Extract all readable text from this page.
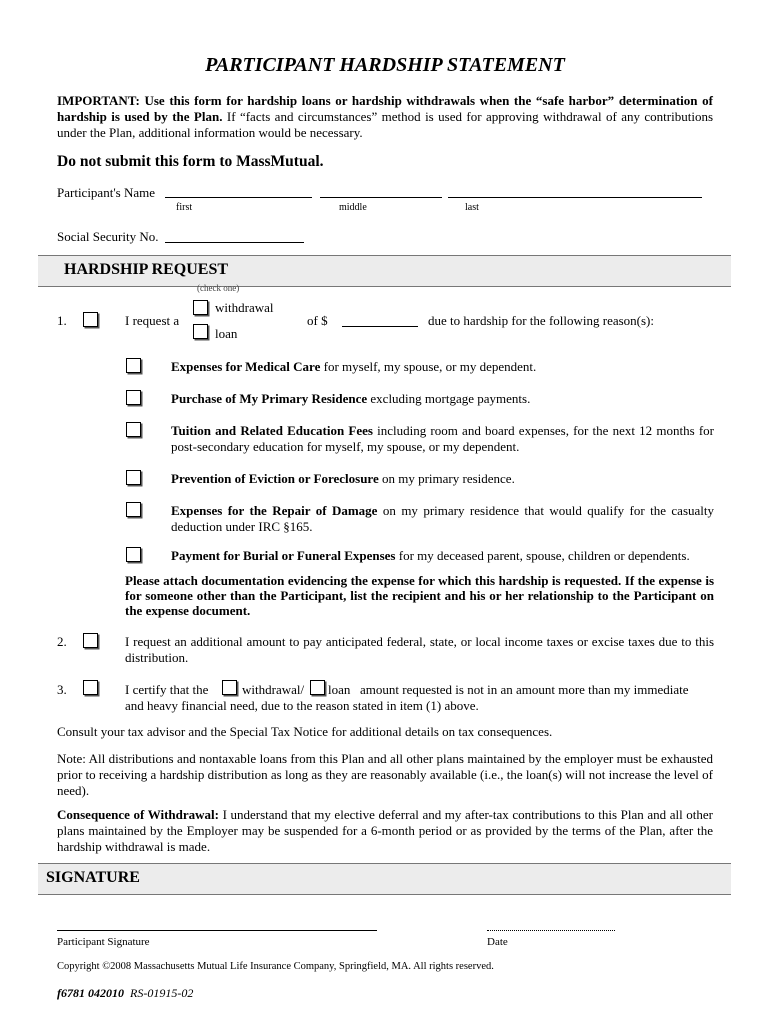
PARTICIPANT HARDSHIP STATEMENT
IMPORTANT: Use this form for hardship loans or hardship withdrawals when the “safe harbor” determination of hardship is used by the Plan. If “facts and circumstances” method is used for approving withdrawal of any contributions under the Plan, additional information would be necessary.
Do not submit this form to MassMutual.
Participant's Name
first	middle	last
Social Security No.
HARDSHIP REQUEST
(check one)
1.	I request a
withdrawal
loan
of $	due to hardship for the following reason(s):
Expenses for Medical Care for myself, my spouse, or my dependent.
Purchase of My Primary Residence excluding mortgage payments.
Tuition and Related Education Fees including room and board expenses, for the next 12 months for post-secondary education for myself, my spouse, or my dependent.
Prevention of Eviction or Foreclosure on my primary residence.
Expenses for the Repair of Damage on my primary residence that would qualify for the casualty deduction under IRC §165.
Payment for Burial or Funeral Expenses for my deceased parent, spouse, children or dependents.
Please attach documentation evidencing the expense for which this hardship is requested. If the expense is for someone other than the Participant, list the recipient and his or her relationship to the Participant on the expense document.
2.	I request an additional amount to pay anticipated federal, state, or local income taxes or excise taxes due to this distribution.
3.	I certify that the	withdrawal/ loan amount requested is not in an amount more than my immediate
and heavy financial need, due to the reason stated in item (1) above.
Consult your tax advisor and the Special Tax Notice for additional details on tax consequences.
Note: All distributions and nontaxable loans from this Plan and all other plans maintained by the employer must be exhausted prior to receiving a hardship distribution as long as they are reasonably available (i.e., the loan(s) will not increase the level of need).
Consequence of Withdrawal: I understand that my elective deferral and my after-tax contributions to this Plan and all other plans maintained by the Employer may be suspended for a 6-month period or as provided by the terms of the Plan, after the hardship withdrawal is made.
SIGNATURE
Participant Signature	Date
Copyright ©2008 Massachusetts Mutual Life Insurance Company, Springfield, MA. All rights reserved.
f6781 042010 RS-01915-02
